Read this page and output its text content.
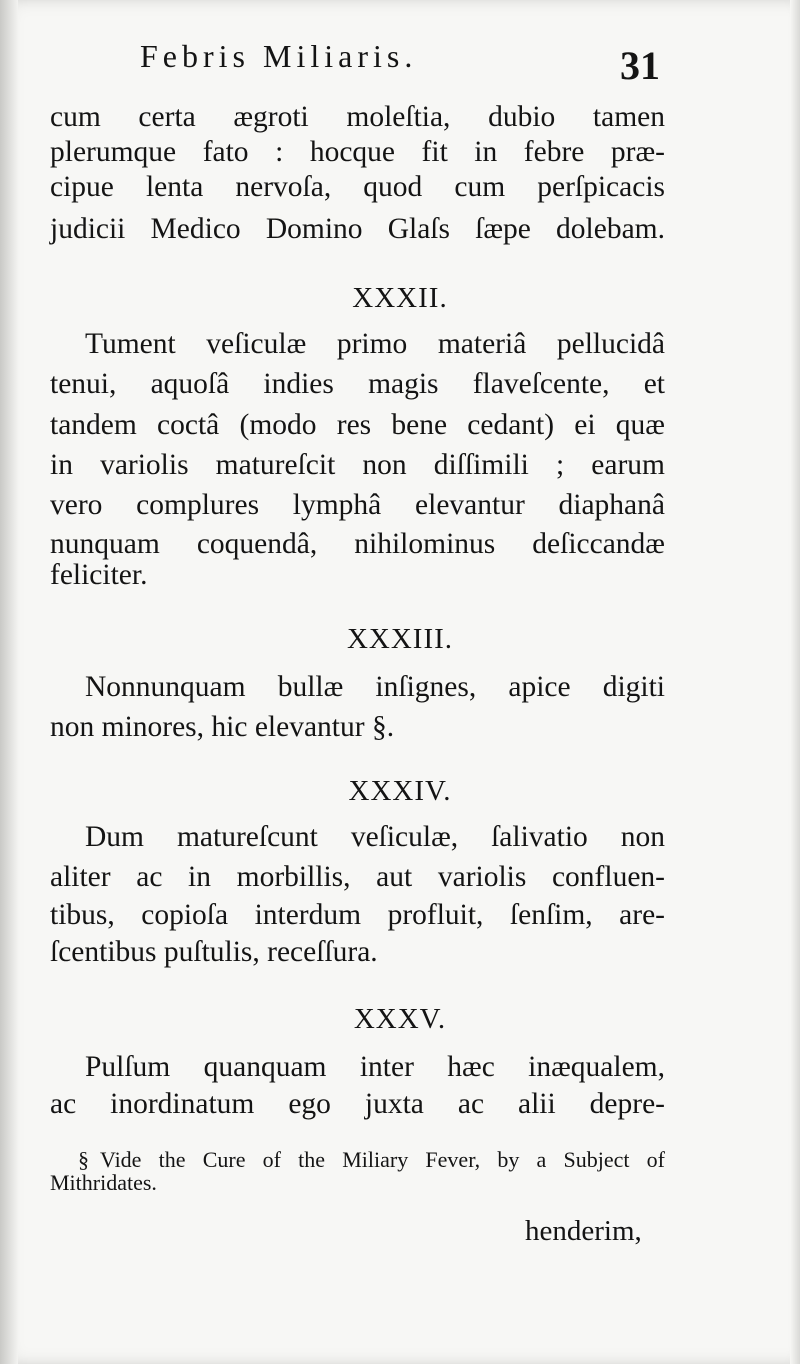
Febris Miliaris.	31
cum certa ægroti moleſtia, dubio tamen
plerumque fato : hocque fit in febre præ-
cipue lenta nervoſa, quod cum perſpicacis
judicii Medico Domino Glaſs ſæpe dolebam.
XXXII.
Tument veſiculæ primo materiâ pellucidâ
tenui, aquoſâ indies magis flaveſcente, et
tandem coctâ (modo res bene cedant) ei quæ
in variolis matureſcit non diſſimili ; earum
vero complures lymphâ elevantur diaphanâ
nunquam coquendâ, nihilominus deſiccandæ
feliciter.
XXXIII.
Nonnunquam bullæ inſignes, apice digiti
non minores, hic elevantur §.
XXXIV.
Dum matureſcunt veſiculæ, ſalivatio non
aliter ac in morbillis, aut variolis confluen-
tibus, copioſa interdum profluit, ſenſim, are-
ſcentibus puſtulis, receſſura.
XXXV.
Pulſum quanquam inter hæc inæqualem,
ac inordinatum ego juxta ac alii depre-
§ Vide the Cure of the Miliary Fever, by a Subject of
Mithridates.
henderim,
